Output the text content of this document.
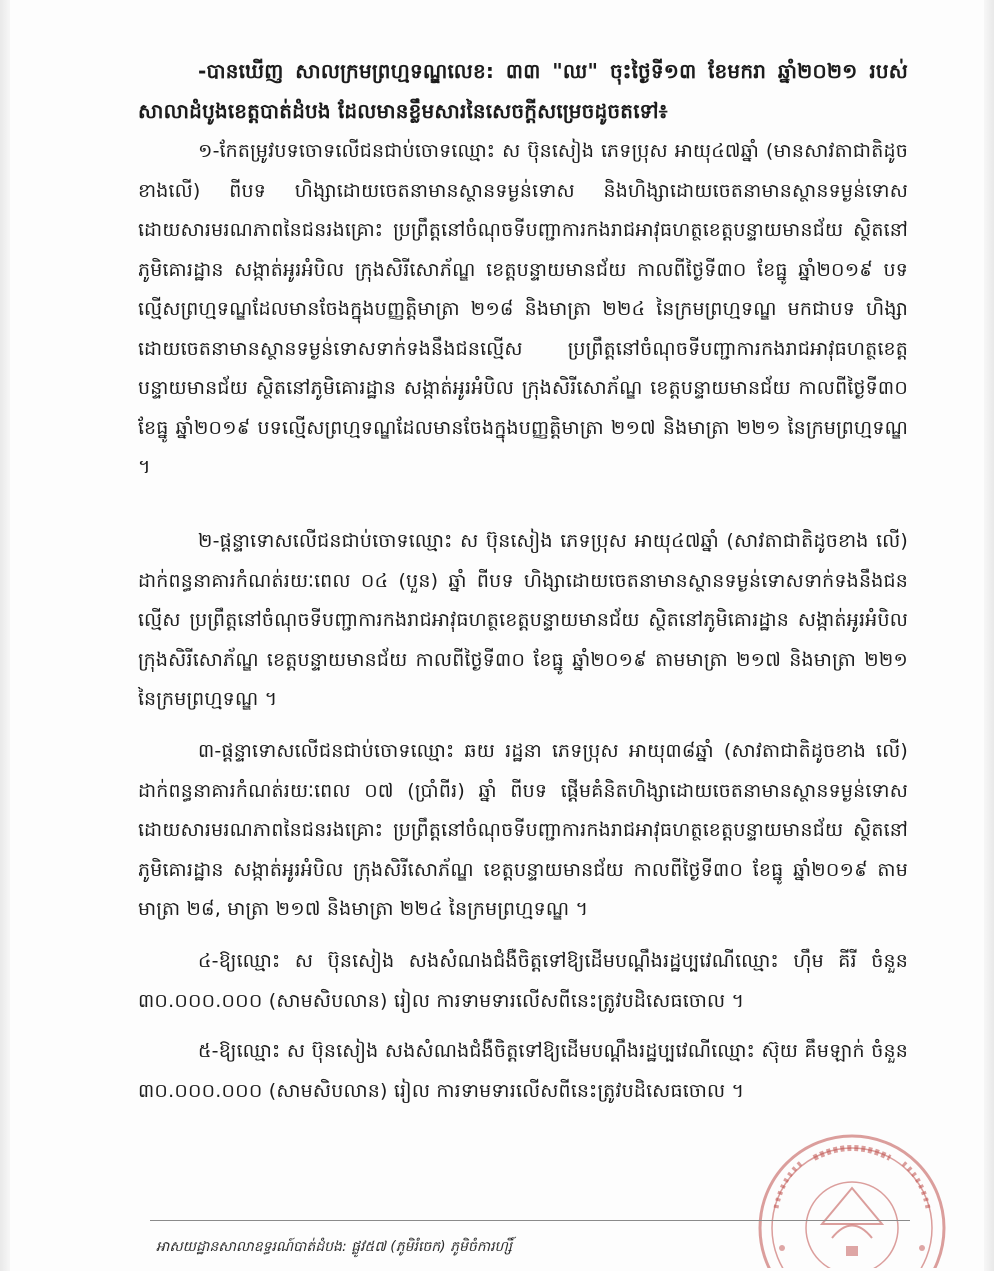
-បានឃើញ សាលក្រមព្រហ្មទណ្ឌលេខ: ៣៣ "ឈ" ចុះថ្ងៃទី១៣ ខែមករា ឆ្នាំ២០២១ របស់សាលាដំបូងខេត្តបាត់ដំបង ដែលមានខ្លឹមសារនៃសេចក្តីសម្រេចដូចតទៅ៖
១-កែតម្រូវបទចោទលើជនជាប់ចោទឈ្មោះ ស ប៊ុនសៀង ភេទប្រុស អាយុ៤៧ឆ្នាំ (មានសាវតាជាតិដូចខាងលើ) ពីបទ ហិង្សាដោយចេតនាមានស្ថានទម្ងន់ទោស និងហិង្សាដោយចេតនាមានស្ថានទម្ងន់ទោសដោយសារមរណភាពនៃជនរងគ្រោះ ប្រព្រឹត្តនៅចំណុចទីបញ្ជាការកងរាជអាវុធហត្ថខេត្តបន្ទាយមានជ័យ ស្ថិតនៅភូមិគោរដ្ឋាន សង្កាត់អូរអំបិល ក្រុងសិរីសោភ័ណ្ឌ ខេត្តបន្ទាយមានជ័យ កាលពីថ្ងៃទី៣០ ខែធ្នូ ឆ្នាំ២០១៩ បទល្មើសព្រហ្មទណ្ឌដែលមានចែងក្នុងបញ្ញត្តិមាត្រា ២១៨ និងមាត្រា ២២៤ នៃក្រមព្រហ្មទណ្ឌ មកជាបទ ហិង្សាដោយចេតនាមានស្ថានទម្ងន់ទោសទាក់ទងនឹងជនល្មើស ប្រព្រឹត្តនៅចំណុចទីបញ្ជាការកងរាជអាវុធហត្ថខេត្តបន្ទាយមានជ័យ ស្ថិតនៅភូមិគោរដ្ឋាន សង្កាត់អូរអំបិល ក្រុងសិរីសោភ័ណ្ឌ ខេត្តបន្ទាយមានជ័យ កាលពីថ្ងៃទី៣០ ខែធ្នូ ឆ្នាំ២០១៩ បទល្មើសព្រហ្មទណ្ឌដែលមានចែងក្នុងបញ្ញត្តិមាត្រា ២១៧ និងមាត្រា ២២១ នៃក្រមព្រហ្មទណ្ឌ ។
២-ផ្តន្ទាទោសលើជនជាប់ចោទឈ្មោះ ស ប៊ុនសៀង ភេទប្រុស អាយុ៤៧ឆ្នាំ (សាវតាជាតិដូចខាង លើ) ដាក់ពន្ធនាគារកំណត់រយៈពេល ០៤ (បួន) ឆ្នាំ ពីបទ ហិង្សាដោយចេតនាមានស្ថានទម្ងន់ទោសទាក់ទងនឹងជនល្មើស ប្រព្រឹត្តនៅចំណុចទីបញ្ជាការកងរាជអាវុធហត្ថខេត្តបន្ទាយមានជ័យ ស្ថិតនៅភូមិគោរដ្ឋាន សង្កាត់អូរអំបិល ក្រុងសិរីសោភ័ណ្ឌ ខេត្តបន្ទាយមានជ័យ កាលពីថ្ងៃទី៣០ ខែធ្នូ ឆ្នាំ២០១៩ តាមមាត្រា ២១៧ និងមាត្រា ២២១ នៃក្រមព្រហ្មទណ្ឌ ។
៣-ផ្តន្ទាទោសលើជនជាប់ចោទឈ្មោះ ឆយ រដ្ឋនា ភេទប្រុស អាយុ៣៨ឆ្នាំ (សាវតាជាតិដូចខាង លើ) ដាក់ពន្ធនាគារកំណត់រយៈពេល ០៧ (ប្រាំពីរ) ឆ្នាំ ពីបទ ផ្តើមគំនិតហិង្សាដោយចេតនាមានស្ថានទម្ងន់ទោសដោយសារមរណភាពនៃជនរងគ្រោះ ប្រព្រឹត្តនៅចំណុចទីបញ្ជាការកងរាជអាវុធហត្ថខេត្តបន្ទាយមានជ័យ ស្ថិតនៅភូមិគោរដ្ឋាន សង្កាត់អូរអំបិល ក្រុងសិរីសោភ័ណ្ឌ ខេត្តបន្ទាយមានជ័យ កាលពីថ្ងៃទី៣០ ខែធ្នូ ឆ្នាំ២០១៩ តាមមាត្រា ២៨, មាត្រា ២១៧ និងមាត្រា ២២៤ នៃក្រមព្រហ្មទណ្ឌ ។
៤-ឱ្យឈ្មោះ ស ប៊ុនសៀង សងសំណងជំងឺចិត្តទៅឱ្យដើមបណ្តឹងរដ្ឋប្បវេណីឈ្មោះ ហ៊ឹម គីរី ចំនួន ៣០.០០០.០០០ (សាមសិបលាន) រៀល ការទាមទារលើសពីនេះត្រូវបដិសេធចោល ។
៥-ឱ្យឈ្មោះ ស ប៊ុនសៀង សងសំណងជំងឺចិត្តទៅឱ្យដើមបណ្តឹងរដ្ឋប្បវេណីឈ្មោះ ស៊ុយ គឹមឡាក់ ចំនួន ៣០.០០០.០០០ (សាមសិបលាន) រៀល ការទាមទារលើសពីនេះត្រូវបដិសេធចោល ។
អាសយដ្ឋានសាលាឧទ្ធរណ៍បាត់ដំបង: ផ្លូវ៥៧ (ភូមិរំចេក) ភូមិចំការហ្សិ៍
